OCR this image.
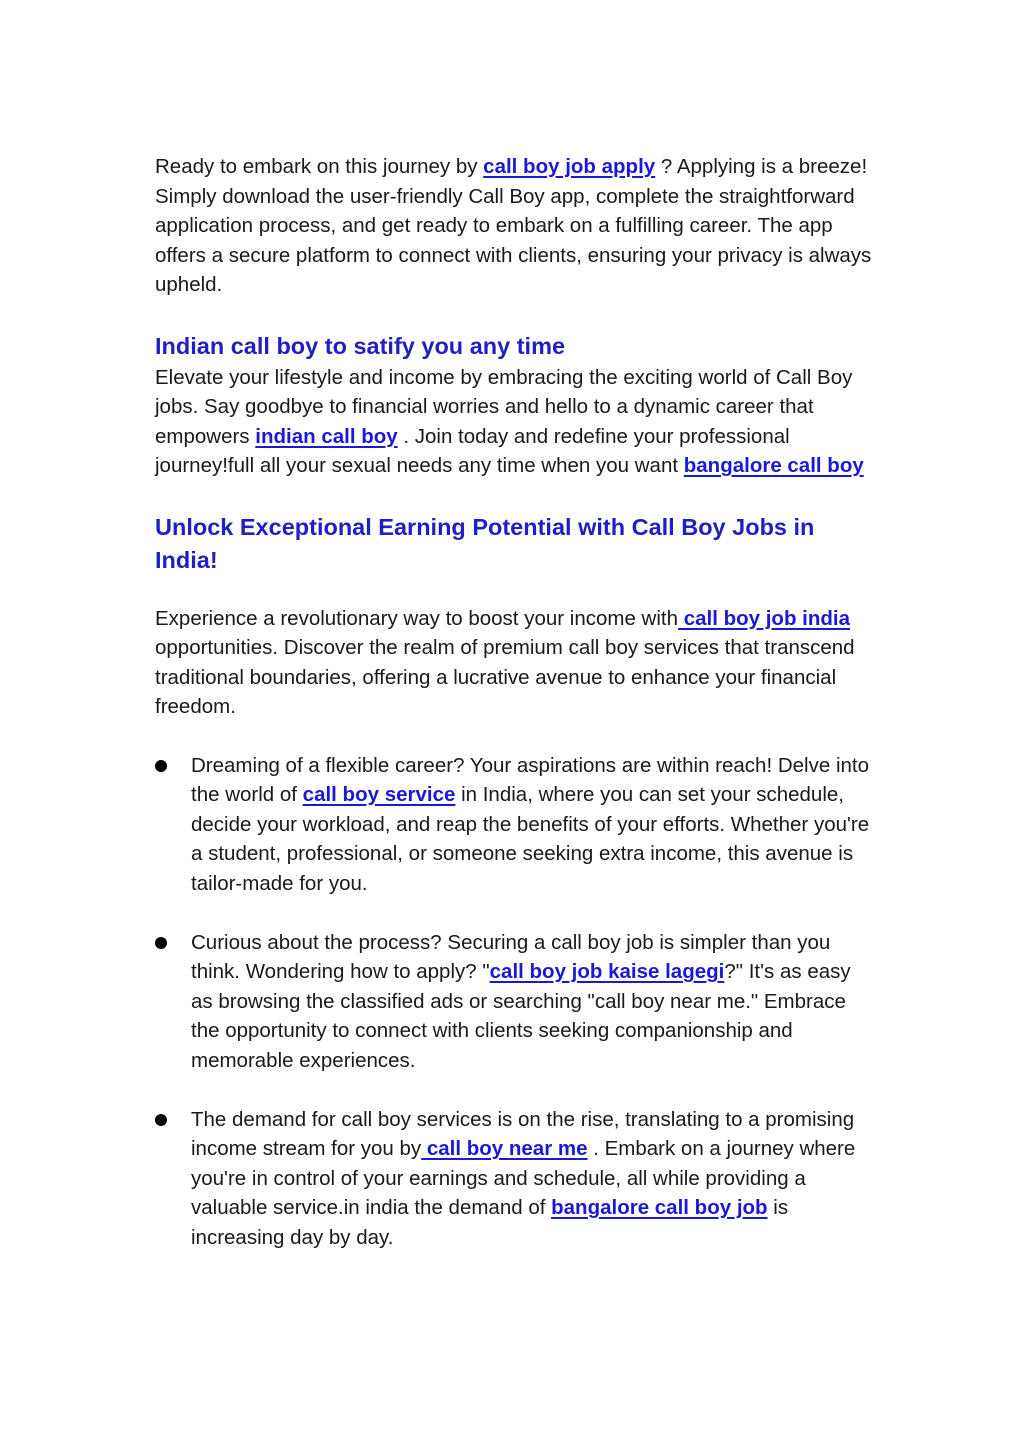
Ready to embark on this journey by call boy job apply ? Applying is a breeze! Simply download the user-friendly Call Boy app, complete the straightforward application process, and get ready to embark on a fulfilling career. The app offers a secure platform to connect with clients, ensuring your privacy is always upheld.

Indian call boy to satify you any time

Elevate your lifestyle and income by embracing the exciting world of Call Boy jobs. Say goodbye to financial worries and hello to a dynamic career that empowers indian call boy . Join today and redefine your professional journey!full all your sexual needs any time when you want bangalore call boy

Unlock Exceptional Earning Potential with Call Boy Jobs in India!

Experience a revolutionary way to boost your income with call boy job india opportunities. Discover the realm of premium call boy services that transcend traditional boundaries, offering a lucrative avenue to enhance your financial freedom.

Dreaming of a flexible career? Your aspirations are within reach! Delve into the world of call boy service in India, where you can set your schedule, decide your workload, and reap the benefits of your efforts. Whether you're a student, professional, or someone seeking extra income, this avenue is tailor-made for you.
Curious about the process? Securing a call boy job is simpler than you think. Wondering how to apply? "call boy job kaise lagegi?" It's as easy as browsing the classified ads or searching "call boy near me." Embrace the opportunity to connect with clients seeking companionship and memorable experiences.
The demand for call boy services is on the rise, translating to a promising income stream for you by call boy near me . Embark on a journey where you're in control of your earnings and schedule, all while providing a valuable service.in india the demand of bangalore call boy job is increasing day by day.
